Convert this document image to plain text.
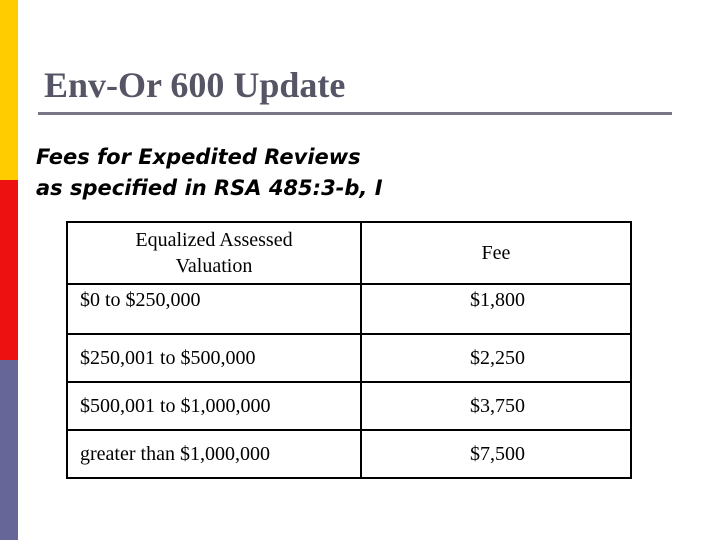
Env-Or 600 Update
Fees for Expedited Reviews
as specified in RSA 485:3-b, I
Equalized Assessed
Valuation	Fee
$0 to $250,000	$1,800
$250,001 to $500,000	$2,250
$500,001 to $1,000,000	$3,750
greater than $1,000,000	$7,500
